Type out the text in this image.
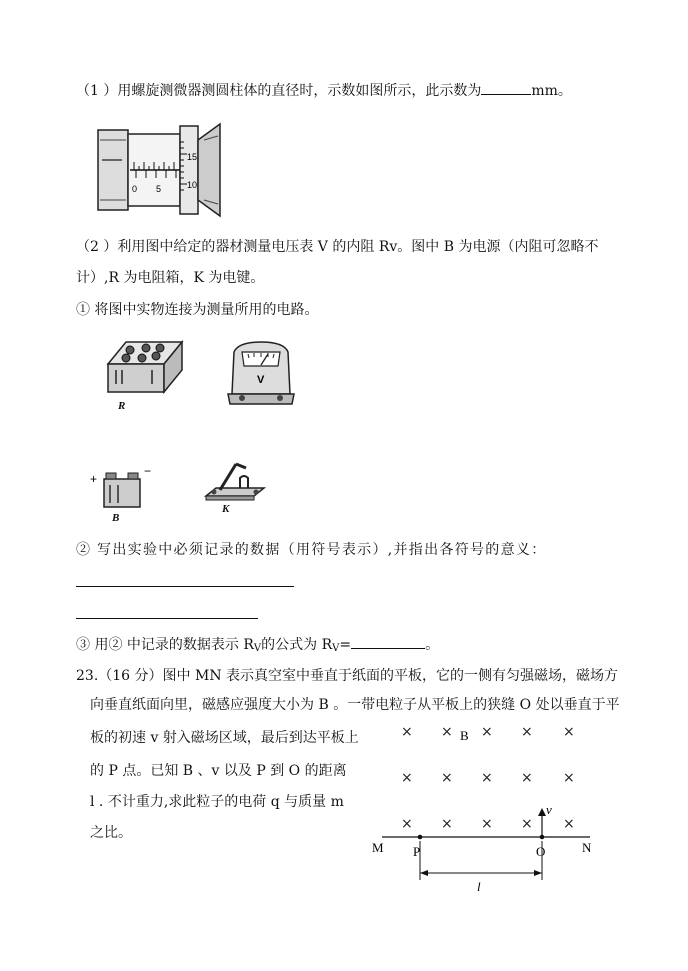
（1 ）用螺旋测微器测圆柱体的直径时，示数如图所示，此示数为	mm。
0 5
15
10
（2 ）利用图中给定的器材测量电压表 V 的内阻 Rv。图中 B 为电源（内阻可忽略不
计）,R 为电阻箱，K 为电键。
① 将图中实物连接为测量所用的电路。
R
V
+
−
B
K
② 写出实验中必须记录的数据（用符号表示）,并指出各符号的意义：
③ 用② 中记录的数据表示 $R_V$的公式为 $R_V=$	。
23.（16 分）图中 MN 表示真空室中垂直于纸面的平板，它的一侧有匀强磁场，磁场方
向垂直纸面向里，磁感应强度大小为 B 。一带电粒子从平板上的狭缝 O 处以垂直于平
板的初速 v 射入磁场区域，最后到达平板上
的 P 点。已知 B 、v 以及 P 到 O 的距离
l . 不计重力,求此粒子的电荷 q 与质量 m
之比。
× × × × ×
× × × × ×
× × × × ×
B
M	N
P	O
v
l
